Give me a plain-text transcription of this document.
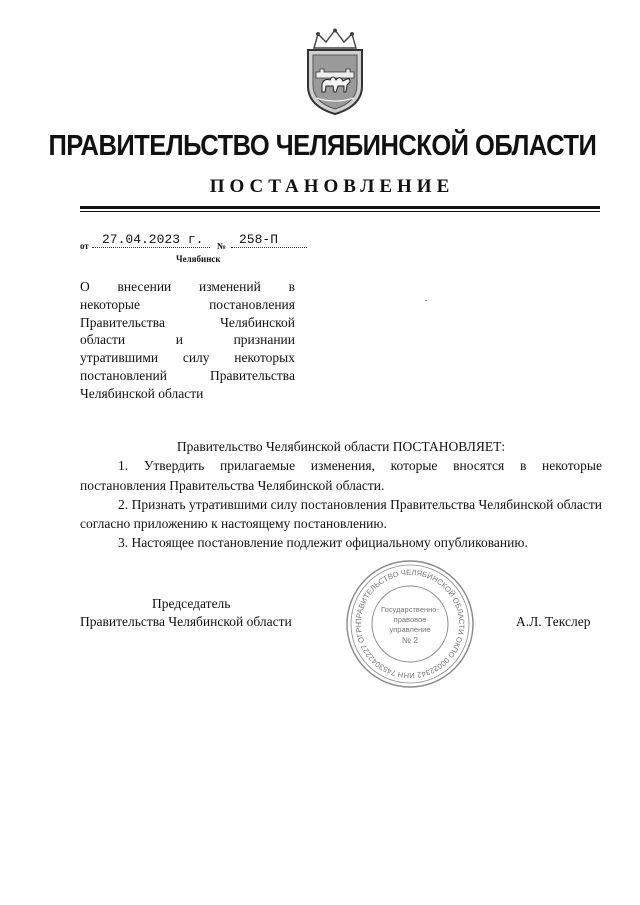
ПРАВИТЕЛЬСТВО ЧЕЛЯБИНСКОЙ ОБЛАСТИ
ПОСТАНОВЛЕНИЕ
от	27.04.2023 г.	№ 258-П
Челябинск
О внесении изменений в
некоторые постановления
Правительства Челябинской
области и признании
утратившими силу некоторых
постановлений Правительства
Челябинской области
Правительство Челябинской области ПОСТАНОВЛЯЕТ:

1. Утвердить прилагаемые изменения, которые вносятся в некоторые постановления Правительства Челябинской области.

2. Признать утратившими силу постановления Правительства Челябинской области согласно приложению к настоящему постановлению.

3. Настоящее постановление подлежит официальному опубликованию.

Председатель
Правительства Челябинской области	А.Л. Текслер
ПРАВИТЕЛЬСТВО ЧЕЛЯБИНСКОЙ ОБЛАСТИ ОКПО 00022342 ИНН 7453042227 ОГРН
Государственно-
правовое
управление
№ 2
